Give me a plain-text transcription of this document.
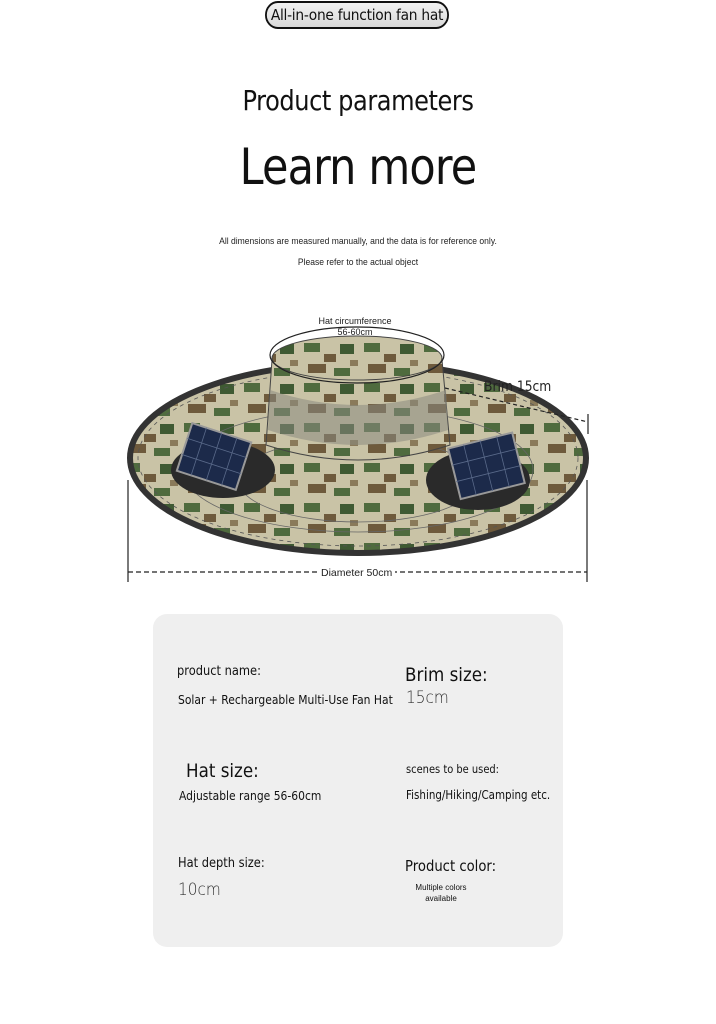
All-in-one function fan hat
Product parameters
Learn more
All dimensions are measured manually, and the data is for reference only.
Please refer to the actual object
Hat circumference
56-60cm
Brim 15cm
Diameter 50cm
product name:
Solar + Rechargeable Multi-Use Fan Hat
Brim size:
15cm
Hat size:
Adjustable range 56-60cm
scenes to be used:
Fishing/Hiking/Camping etc.
Hat depth size:
10cm
Product color:
Multiple colors
available
